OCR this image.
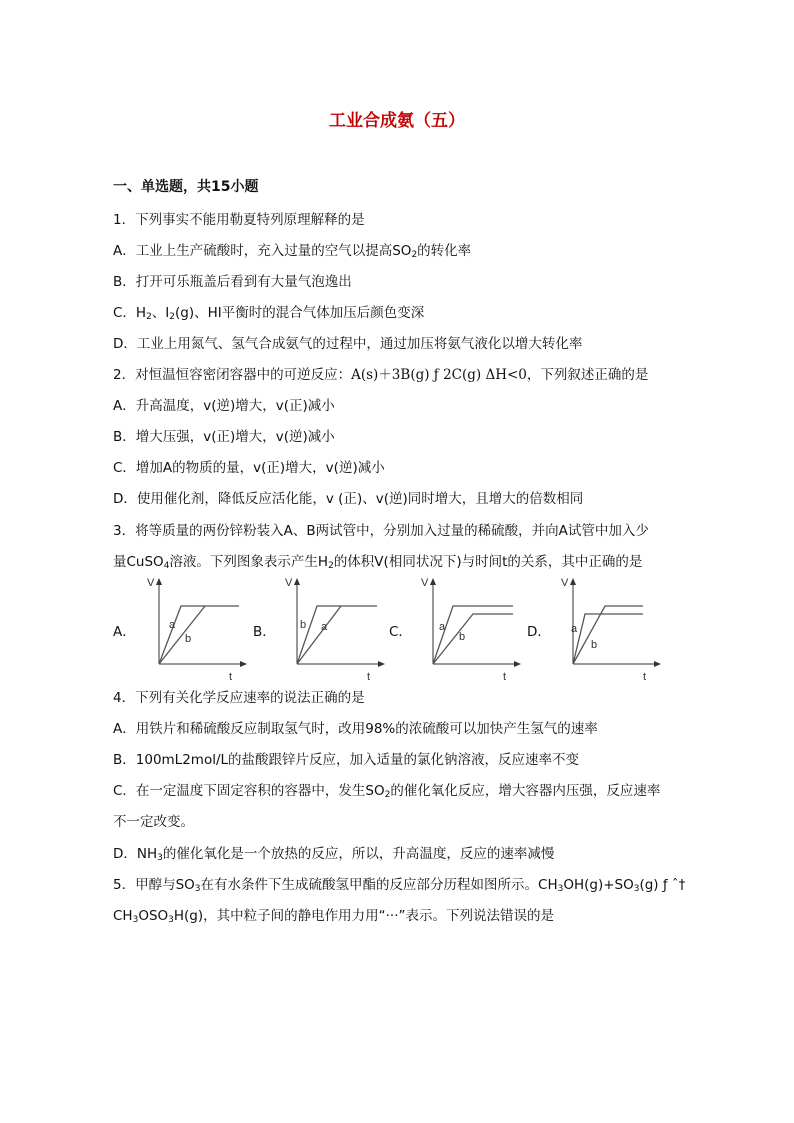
工业合成氨（五）
一、单选题，共15小题
1．下列事实不能用勒夏特列原理解释的是
A．工业上生产硫酸时，充入过量的空气以提高$SO_2$的转化率
B．打开可乐瓶盖后看到有大量气泡逸出
C．$H_2$、$I_2(g)$、HI平衡时的混合气体加压后颜色变深
D．工业上用氮气、氢气合成氨气的过程中，通过加压将氨气液化以增大转化率
2．对恒温恒容密闭容器中的可逆反应：A(s)＋3B(g) ƒ 2C(g) ΔH<0，下列叙述正确的是
A．升高温度，v(逆)增大，v(正)减小
B．增大压强，v(正)增大，v(逆)减小
C．增加A的物质的量，v(正)增大，v(逆)减小
D．使用催化剂，降低反应活化能，v (正)、v(逆)同时增大，且增大的倍数相同
3．将等质量的两份锌粉装入A、B两试管中，分别加入过量的稀硫酸，并向A试管中加入少
量CuSO$_4$溶液。下列图象表示产生$H_2$的体积V(相同状况下)与时间t的关系，其中正确的是
A．
V
t
a
b	B．
V
t
b a	C．
V
t
a
b	D．
V
t
a
b
4．下列有关化学反应速率的说法正确的是
A．用铁片和稀硫酸反应制取氢气时，改用98%的浓硫酸可以加快产生氢气的速率
B．100mL2mol/L的盐酸跟锌片反应，加入适量的氯化钠溶液，反应速率不变
C．在一定温度下固定容积的容器中，发生$SO_2$的催化氧化反应，增大容器内压强，反应速率
不一定改变。
D．$NH_3$的催化氧化是一个放热的反应，所以，升高温度，反应的速率减慢
5．甲醇与$SO_3$在有水条件下生成硫酸氢甲酯的反应部分历程如图所示。$CH_3OH(g)+SO_3(g)$ ƒ ˆ†
$CH_3OSO_3H(g)$，其中粒子间的静电作用力用“···”表示。下列说法错误的是
